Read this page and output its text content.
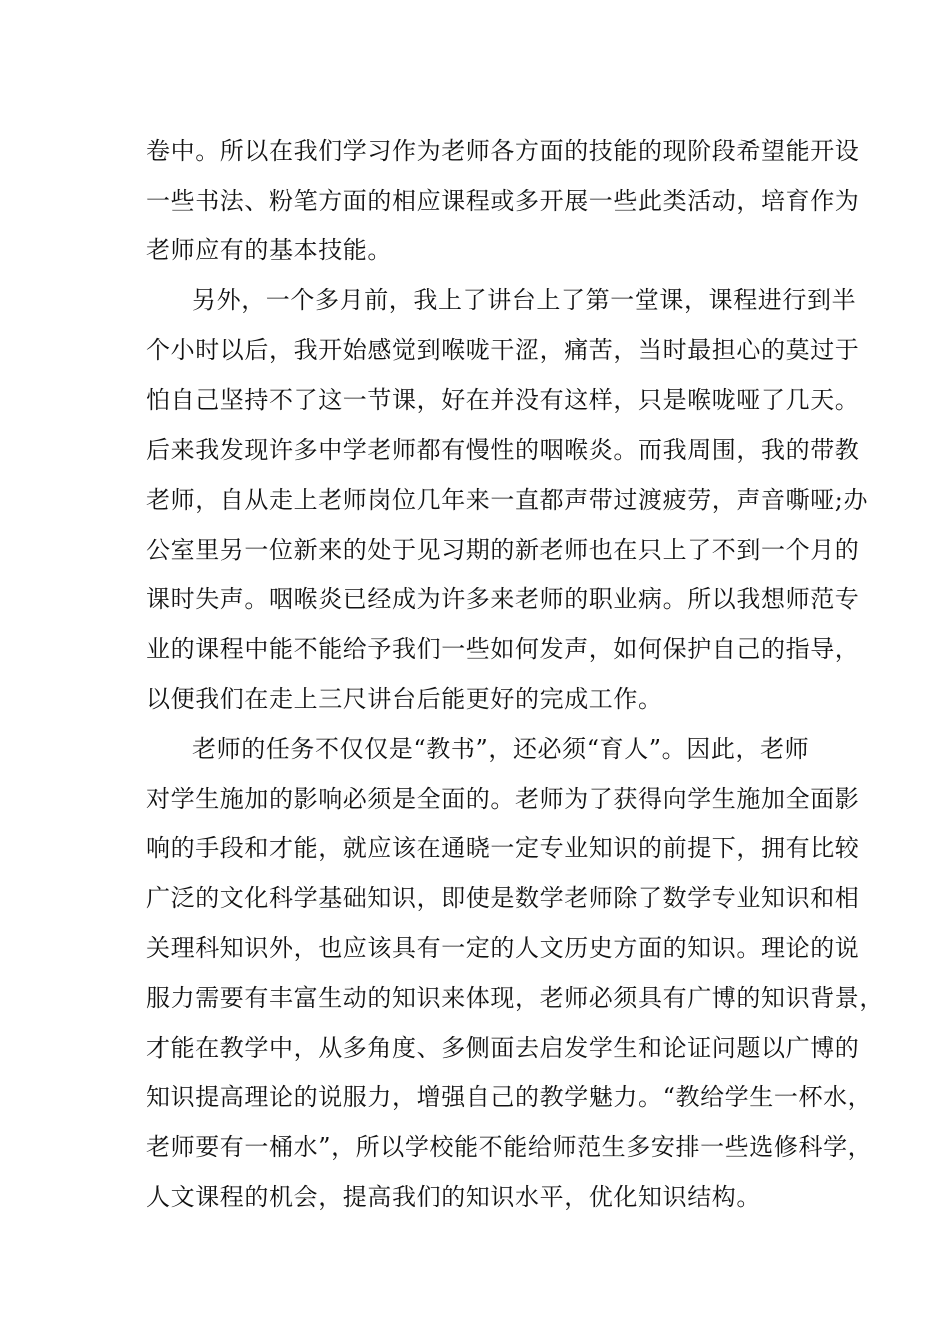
卷中。所以在我们学习作为老师各方面的技能的现阶段希望能开设
一些书法、粉笔方面的相应课程或多开展一些此类活动，培育作为
老师应有的基本技能。
另外，一个多月前，我上了讲台上了第一堂课，课程进行到半
个小时以后，我开始感觉到喉咙干涩，痛苦，当时最担心的莫过于
怕自己坚持不了这一节课，好在并没有这样，只是喉咙哑了几天。
后来我发现许多中学老师都有慢性的咽喉炎。而我周围，我的带教
老师，自从走上老师岗位几年来一直都声带过渡疲劳，声音嘶哑;办
公室里另一位新来的处于见习期的新老师也在只上了不到一个月的
课时失声。咽喉炎已经成为许多来老师的职业病。所以我想师范专
业的课程中能不能给予我们一些如何发声，如何保护自己的指导，
以便我们在走上三尺讲台后能更好的完成工作。
老师的任务不仅仅是“教书”，还必须“育人”。因此，老师
对学生施加的影响必须是全面的。老师为了获得向学生施加全面影
响的手段和才能，就应该在通晓一定专业知识的前提下，拥有比较
广泛的文化科学基础知识，即使是数学老师除了数学专业知识和相
关理科知识外，也应该具有一定的人文历史方面的知识。理论的说
服力需要有丰富生动的知识来体现，老师必须具有广博的知识背景，
才能在教学中，从多角度、多侧面去启发学生和论证问题以广博的
知识提高理论的说服力，增强自己的教学魅力。“教给学生一杯水，
老师要有一桶水”，所以学校能不能给师范生多安排一些选修科学，
人文课程的机会，提高我们的知识水平，优化知识结构。
